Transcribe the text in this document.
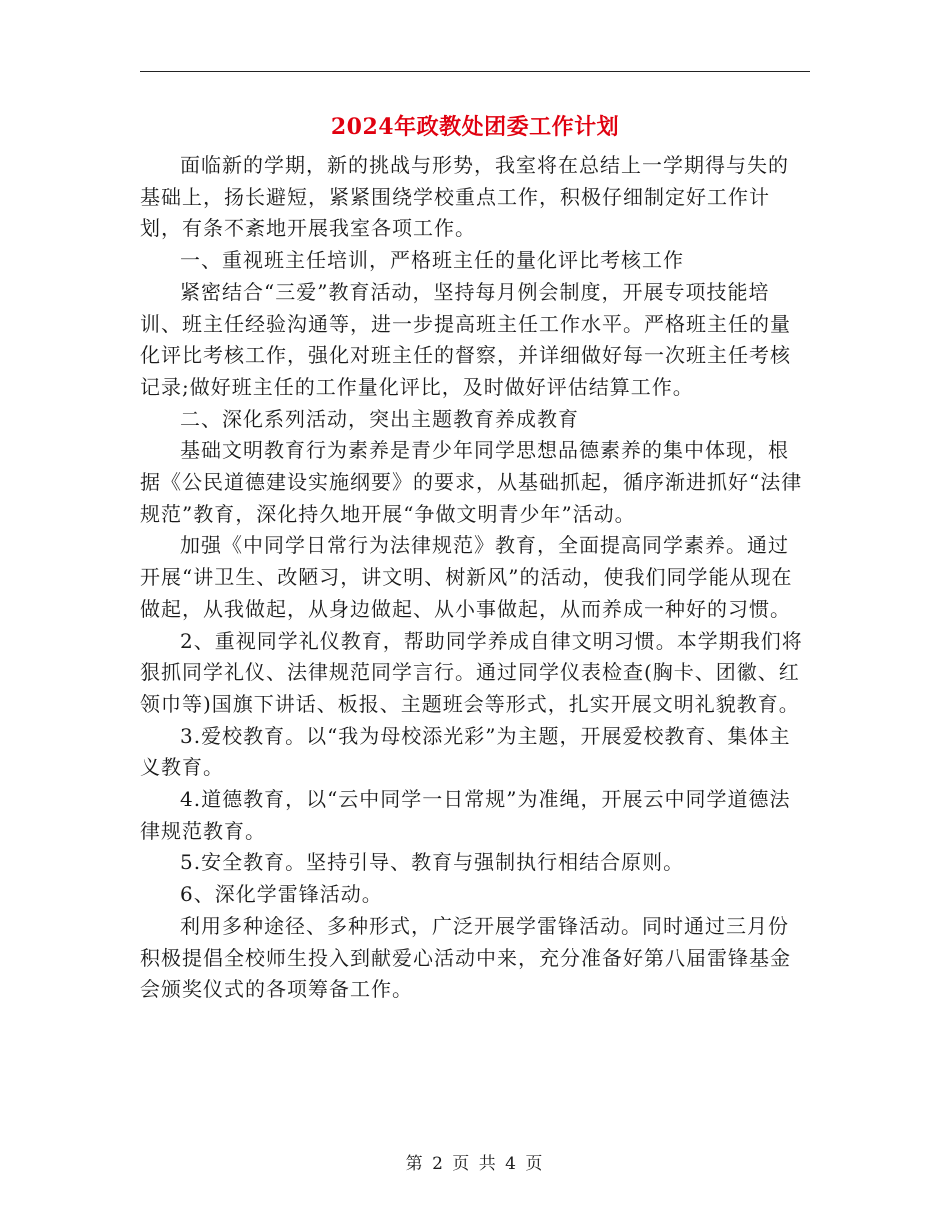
2024年政教处团委工作计划

面临新的学期，新的挑战与形势，我室将在总结上一学期得与失的基础上，扬长避短，紧紧围绕学校重点工作，积极仔细制定好工作计划，有条不紊地开展我室各项工作。

一、重视班主任培训，严格班主任的量化评比考核工作

紧密结合“三爱”教育活动，坚持每月例会制度，开展专项技能培训、班主任经验沟通等，进一步提高班主任工作水平。严格班主任的量化评比考核工作，强化对班主任的督察，并详细做好每一次班主任考核记录;做好班主任的工作量化评比，及时做好评估结算工作。

二、深化系列活动，突出主题教育养成教育

基础文明教育行为素养是青少年同学思想品德素养的集中体现，根据《公民道德建设实施纲要》的要求，从基础抓起，循序渐进抓好“法律规范”教育，深化持久地开展“争做文明青少年”活动。

加强《中同学日常行为法律规范》教育，全面提高同学素养。通过开展“讲卫生、改陋习，讲文明、树新风”的活动，使我们同学能从现在做起，从我做起，从身边做起、从小事做起，从而养成一种好的习惯。

2、重视同学礼仪教育，帮助同学养成自律文明习惯。本学期我们将狠抓同学礼仪、法律规范同学言行。通过同学仪表检查(胸卡、团徽、红领巾等)国旗下讲话、板报、主题班会等形式，扎实开展文明礼貌教育。

3.爱校教育。以“我为母校添光彩”为主题，开展爱校教育、集体主义教育。

4.道德教育，以“云中同学一日常规”为准绳，开展云中同学道德法律规范教育。

5.安全教育。坚持引导、教育与强制执行相结合原则。

6、深化学雷锋活动。

利用多种途径、多种形式，广泛开展学雷锋活动。同时通过三月份积极提倡全校师生投入到献爱心活动中来，充分准备好第八届雷锋基金会颁奖仪式的各项筹备工作。

第 2 页 共 4 页
